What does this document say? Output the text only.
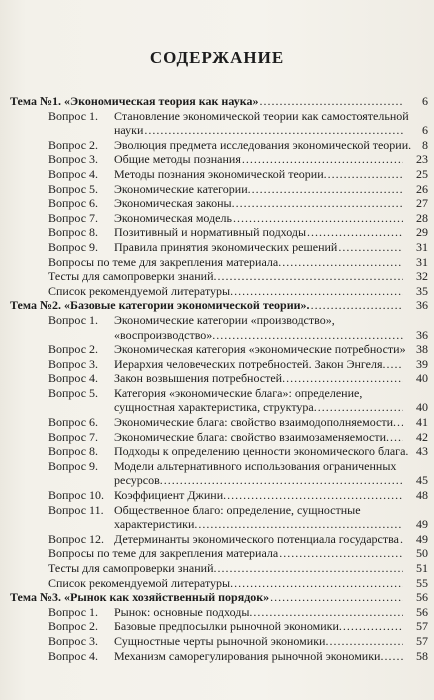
СОДЕРЖАНИЕ
Тема №1. «Экономическая теория как наука» .....	6
Вопрос 1. Становление экономической теории как самостоятельной
науки .....	6
Вопрос 2. Эволюция предмета исследования экономической теории. 8
Вопрос 3. Общие методы познания .....	23
Вопрос 4. Методы познания экономической теории. .....	25
Вопрос 5. Экономические категории. .....	26
Вопрос 6. Экономическая законы. .....	27
Вопрос 7. Экономическая модель .....	28
Вопрос 8. Позитивный и нормативный подходы .....	29
Вопрос 9. Правила принятия экономических решений .....	31
Вопросы по теме для закрепления материала. .....	31
Тесты для самопроверки знаний. .....	32
Список рекомендуемой литературы. .....	35
Тема №2. «Базовые категории экономической теории». .....	36
Вопрос 1. Экономические категории «производство»,
«воспроизводство». .....	36
Вопрос 2. Экономическая категория «экономические потребности» 38
Вопрос 3. Иерархия человеческих потребностей. Закон Энгеля. .....	39
Вопрос 4. Закон возвышения потребностей. .....	40
Вопрос 5. Категория «экономические блага»: определение,
сущностная характеристика, структура. .....	40
Вопрос 6. Экономические блага: свойство взаимодополняемости. .....	41
Вопрос 7. Экономические блага: свойство взаимозаменяемости. .....	42
Вопрос 8. Подходы к определению ценности экономического блага. 43
Вопрос 9. Модели альтернативного использования ограниченных
ресурсов. .....	45
Вопрос 10. Коэффициент Джини. .....	48
Вопрос 11. Общественное благо: определение, сущностные
характеристики. .....	49
Вопрос 12. Детерминанты экономического потенциала государства .....	49
Вопросы по теме для закрепления материала .....	50
Тесты для самопроверки знаний. .....	51
Список рекомендуемой литературы. .....	55
Тема №3. «Рынок как хозяйственный порядок» .....	56
Вопрос 1. Рынок: основные подходы. .....	56
Вопрос 2. Базовые предпосылки рыночной экономики. .....	57
Вопрос 3. Сущностные черты рыночной экономики. .....	57
Вопрос 4. Механизм саморегулирования рыночной экономики. .....	58
